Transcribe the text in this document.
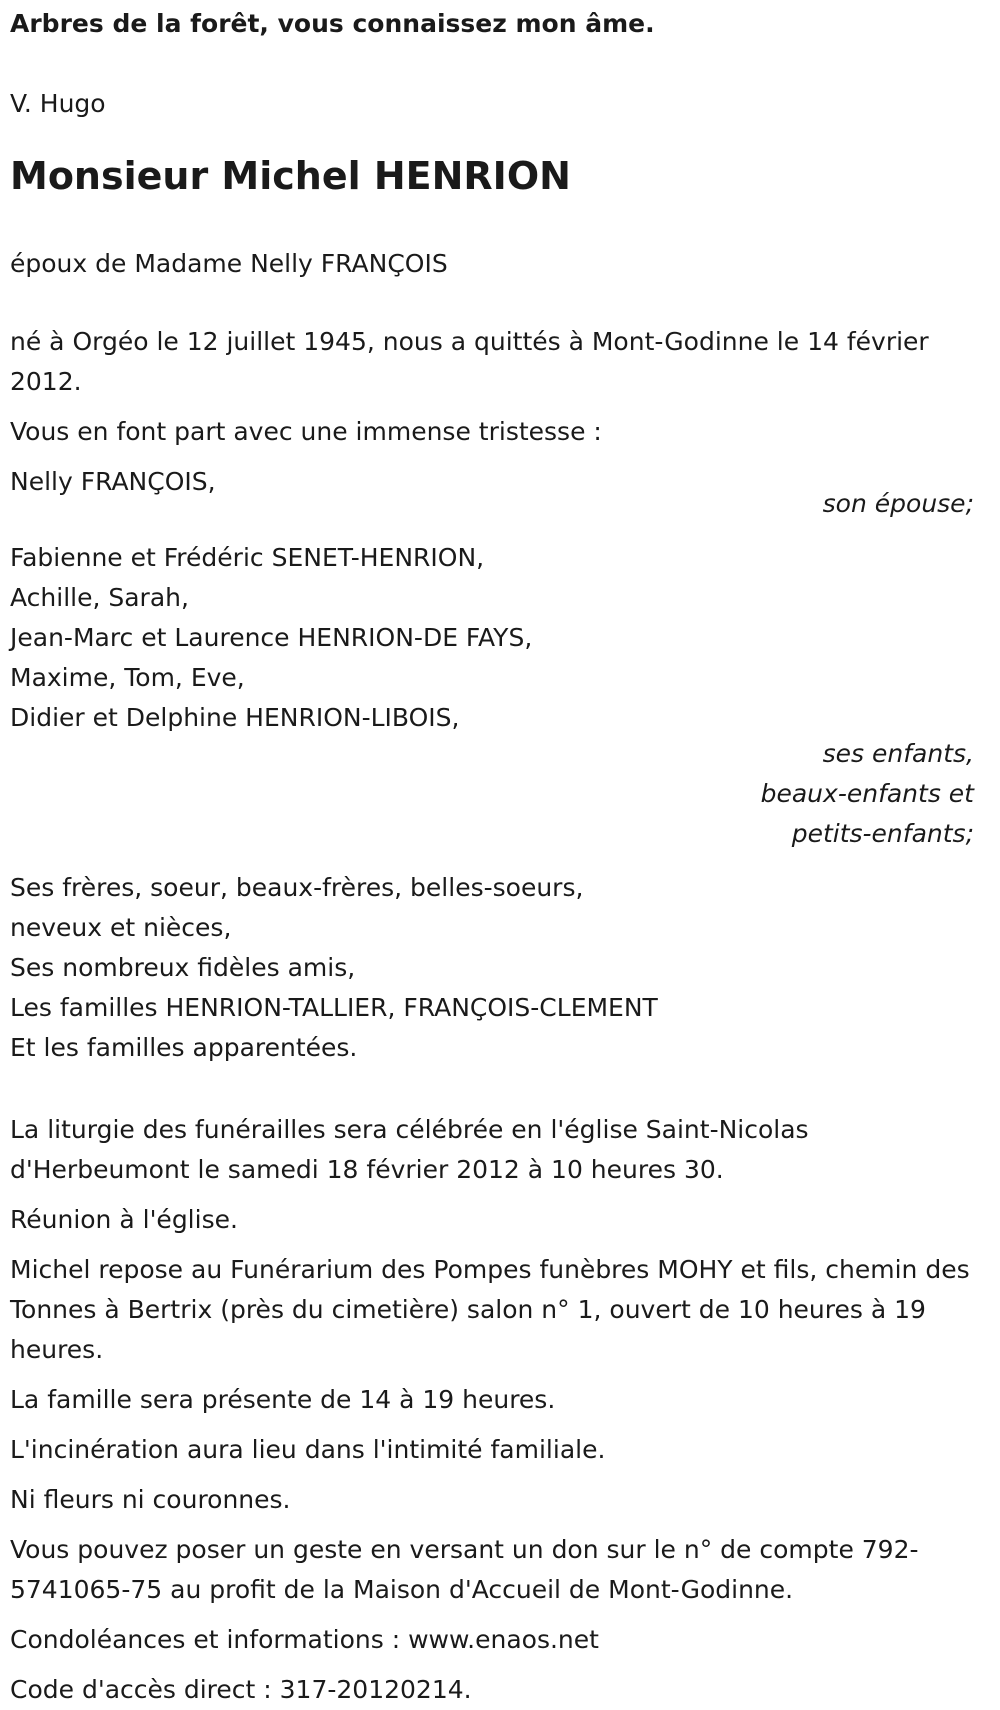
Arbres de la forêt, vous connaissez mon âme.

V. Hugo

Monsieur Michel HENRION

époux de Madame Nelly FRANÇOIS

né à Orgéo le 12 juillet 1945, nous a quittés à Mont-Godinne le 14 février 2012.

Vous en font part avec une immense tristesse :

Nelly FRANÇOIS,

son épouse;

Fabienne et Frédéric SENET-HENRION,

Achille, Sarah,

Jean-Marc et Laurence HENRION-DE FAYS,

Maxime, Tom, Eve,

Didier et Delphine HENRION-LIBOIS,

ses enfants, beaux-enfants et petits-enfants;

Ses frères, soeur, beaux-frères, belles-soeurs,

neveux et nièces,

Ses nombreux fidèles amis,

Les familles HENRION-TALLIER, FRANÇOIS-CLEMENT

Et les familles apparentées.

La liturgie des funérailles sera célébrée en l'église Saint-Nicolas d'Herbeumont le samedi 18 février 2012 à 10 heures 30.

Réunion à l'église.

Michel repose au Funérarium des Pompes funèbres MOHY et fils, chemin des Tonnes à Bertrix (près du cimetière) salon n° 1, ouvert de 10 heures à 19 heures.

La famille sera présente de 14 à 19 heures.

L'incinération aura lieu dans l'intimité familiale.

Ni fleurs ni couronnes.

Vous pouvez poser un geste en versant un don sur le n° de compte 792-5741065-75 au profit de la Maison d'Accueil de Mont-Godinne.

Condoléances et informations : www.enaos.net

Code d'accès direct : 317-20120214.
